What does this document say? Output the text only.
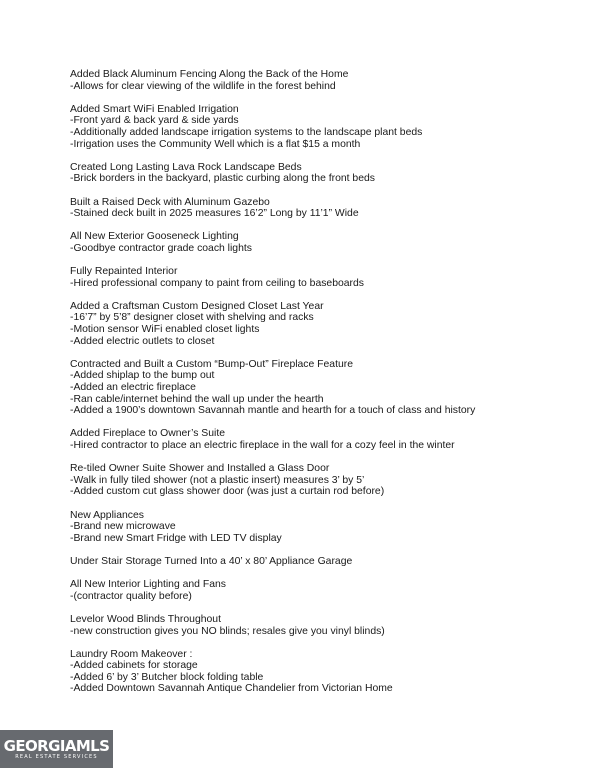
Added Black Aluminum Fencing Along the Back of the Home
-Allows for clear viewing of the wildlife in the forest behind
Added Smart WiFi Enabled Irrigation
-Front yard & back yard & side yards
-Additionally added landscape irrigation systems to the landscape plant beds
-Irrigation uses the Community Well which is a flat $15 a month
Created Long Lasting Lava Rock Landscape Beds
-Brick borders in the backyard, plastic curbing along the front beds
Built a Raised Deck with Aluminum Gazebo
-Stained deck built in 2025 measures 16’2” Long by 11’1” Wide
All New Exterior Gooseneck Lighting
-Goodbye contractor grade coach lights
Fully Repainted Interior
-Hired professional company to paint from ceiling to baseboards
Added a Craftsman Custom Designed Closet Last Year
-16’7” by 5’8” designer closet with shelving and racks
-Motion sensor WiFi enabled closet lights
-Added electric outlets to closet
Contracted and Built a Custom “Bump-Out” Fireplace Feature
-Added shiplap to the bump out
-Added an electric fireplace
-Ran cable/internet behind the wall up under the hearth
-Added a 1900’s downtown Savannah mantle and hearth for a touch of class and history
Added Fireplace to Owner’s Suite
-Hired contractor to place an electric fireplace in the wall for a cozy feel in the winter
Re-tiled Owner Suite Shower and Installed a Glass Door
-Walk in fully tiled shower (not a plastic insert) measures 3’ by 5’
-Added custom cut glass shower door (was just a curtain rod before)
New Appliances
-Brand new microwave
-Brand new Smart Fridge with LED TV display
Under Stair Storage Turned Into a 40’ x 80’ Appliance Garage
All New Interior Lighting and Fans
-(contractor quality before)
Levelor Wood Blinds Throughout
-new construction gives you NO blinds; resales give you vinyl blinds)
Laundry Room Makeover :
-Added cabinets for storage
-Added 6’ by 3’ Butcher block folding table
-Added Downtown Savannah Antique Chandelier from Victorian Home
GEORGIAMLS
REAL ESTATE SERVICES
